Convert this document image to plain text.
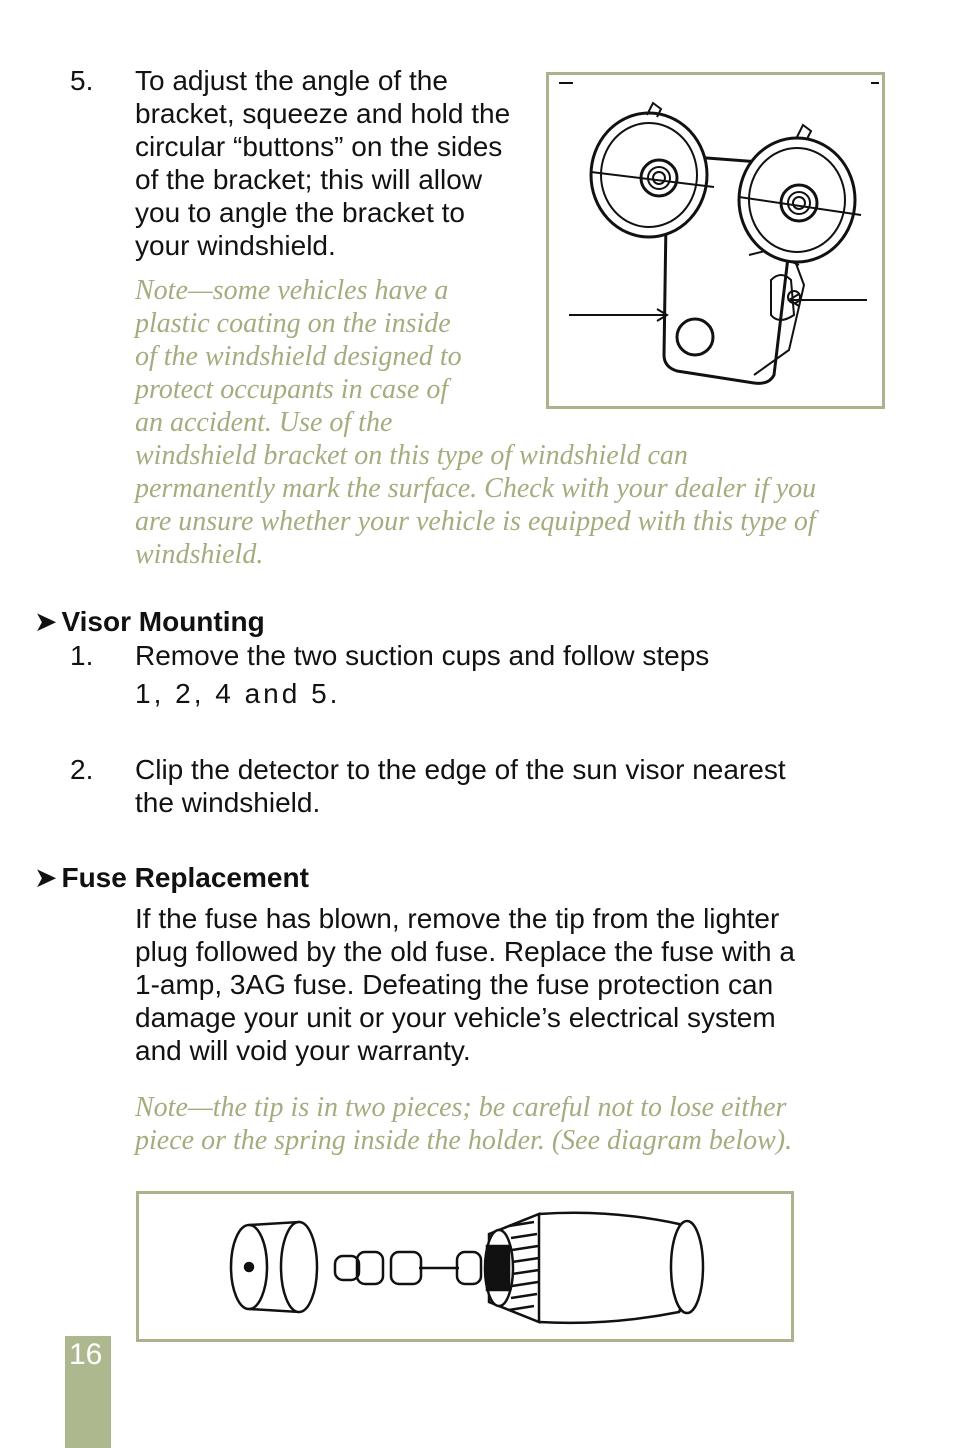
5.	To adjust the angle of the
bracket, squeeze and hold the
circular “buttons” on the sides
of the bracket; this will allow
you to angle the bracket to
your windshield.
Note—some vehicles have a
plastic coating on the inside
of the windshield designed to
protect occupants in case of
an accident. Use of the
windshield bracket on this type of windshield can
permanently mark the surface. Check with your dealer if you
are unsure whether your vehicle is equipped with this type of
windshield.
➤ Visor Mounting
1.	Remove the two suction cups and follow steps
1, 2, 4 and 5.
2.	Clip the detector to the edge of the sun visor nearest
the windshield.
➤ Fuse Replacement
If the fuse has blown, remove the tip from the lighter
plug followed by the old fuse. Replace the fuse with a
1-amp, 3AG fuse. Defeating the fuse protection can
damage your unit or your vehicle’s electrical system
and will void your warranty.
Note—the tip is in two pieces; be careful not to lose either
piece or the spring inside the holder. (See diagram below).
16
